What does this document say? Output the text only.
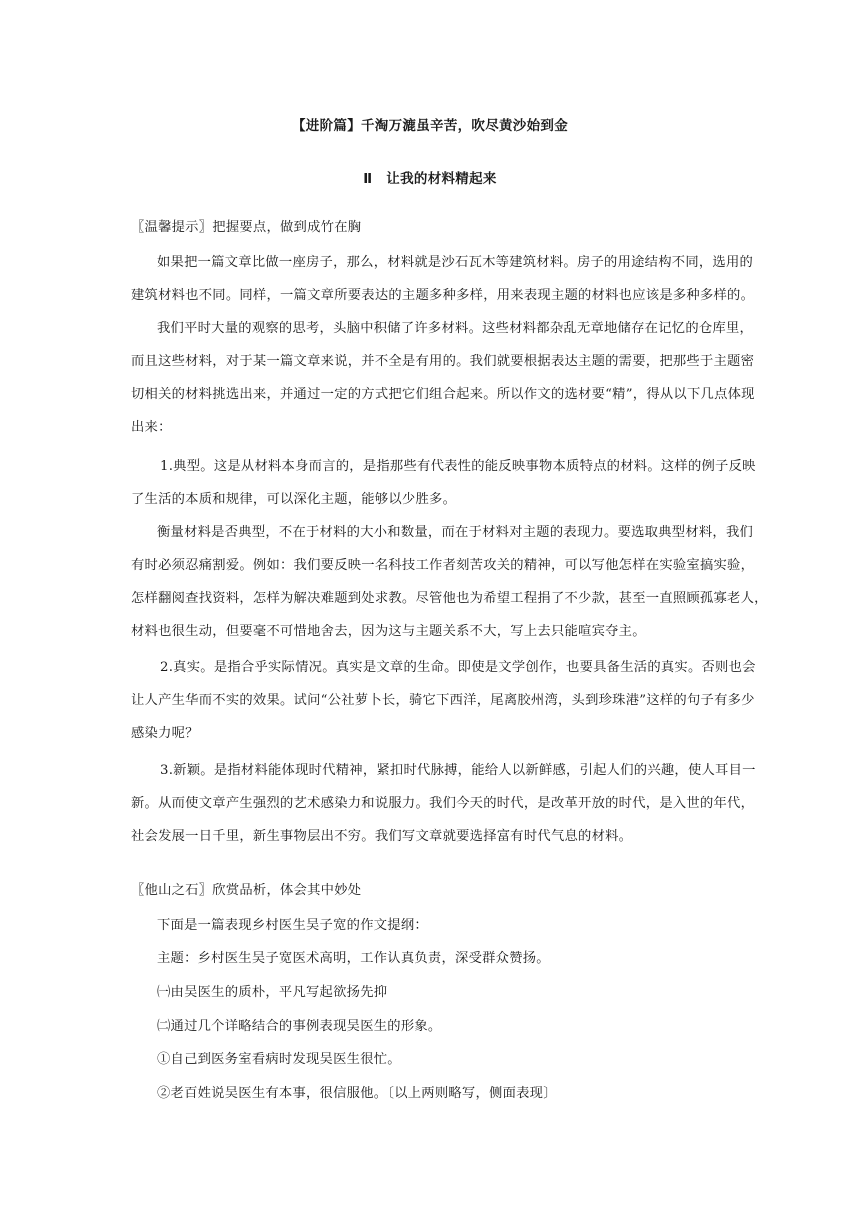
【进阶篇】千淘万漉虽辛苦，吹尽黄沙始到金
Ⅱ　让我的材料精起来
〖温馨提示〗把握要点，做到成竹在胸
如果把一篇文章比做一座房子，那么，材料就是沙石瓦木等建筑材料。房子的用途结构不同，选用的
建筑材料也不同。同样，一篇文章所要表达的主题多种多样，用来表现主题的材料也应该是多种多样的。
我们平时大量的观察的思考，头脑中积储了许多材料。这些材料都杂乱无章地储存在记忆的仓库里，
而且这些材料，对于某一篇文章来说，并不全是有用的。我们就要根据表达主题的需要，把那些于主题密
切相关的材料挑选出来，并通过一定的方式把它们组合起来。所以作文的选材要“精”，得从以下几点体现
出来：
1.典型。这是从材料本身而言的，是指那些有代表性的能反映事物本质特点的材料。这样的例子反映
了生活的本质和规律，可以深化主题，能够以少胜多。
衡量材料是否典型，不在于材料的大小和数量，而在于材料对主题的表现力。要选取典型材料，我们
有时必须忍痛割爱。例如：我们要反映一名科技工作者刻苦攻关的精神，可以写他怎样在实验室搞实验，
怎样翻阅查找资料，怎样为解决难题到处求教。尽管他也为希望工程捐了不少款，甚至一直照顾孤寡老人，
材料也很生动，但要毫不可惜地舍去，因为这与主题关系不大，写上去只能喧宾夺主。
2.真实。是指合乎实际情况。真实是文章的生命。即使是文学创作，也要具备生活的真实。否则也会
让人产生华而不实的效果。试问“公社萝卜长，骑它下西洋，尾离胶州湾，头到珍珠港”这样的句子有多少
感染力呢？
3.新颖。是指材料能体现时代精神，紧扣时代脉搏，能给人以新鲜感，引起人们的兴趣，使人耳目一
新。从而使文章产生强烈的艺术感染力和说服力。我们今天的时代，是改革开放的时代，是入世的年代，
社会发展一日千里，新生事物层出不穷。我们写文章就要选择富有时代气息的材料。
〖他山之石〗欣赏品析，体会其中妙处
下面是一篇表现乡村医生吴子宽的作文提纲：
主题：乡村医生吴子宽医术高明，工作认真负责，深受群众赞扬。
㈠由吴医生的质朴，平凡写起欲扬先抑
㈡通过几个详略结合的事例表现吴医生的形象。
①自己到医务室看病时发现吴医生很忙。
②老百姓说吴医生有本事，很信服他。〔以上两则略写，侧面表现〕
